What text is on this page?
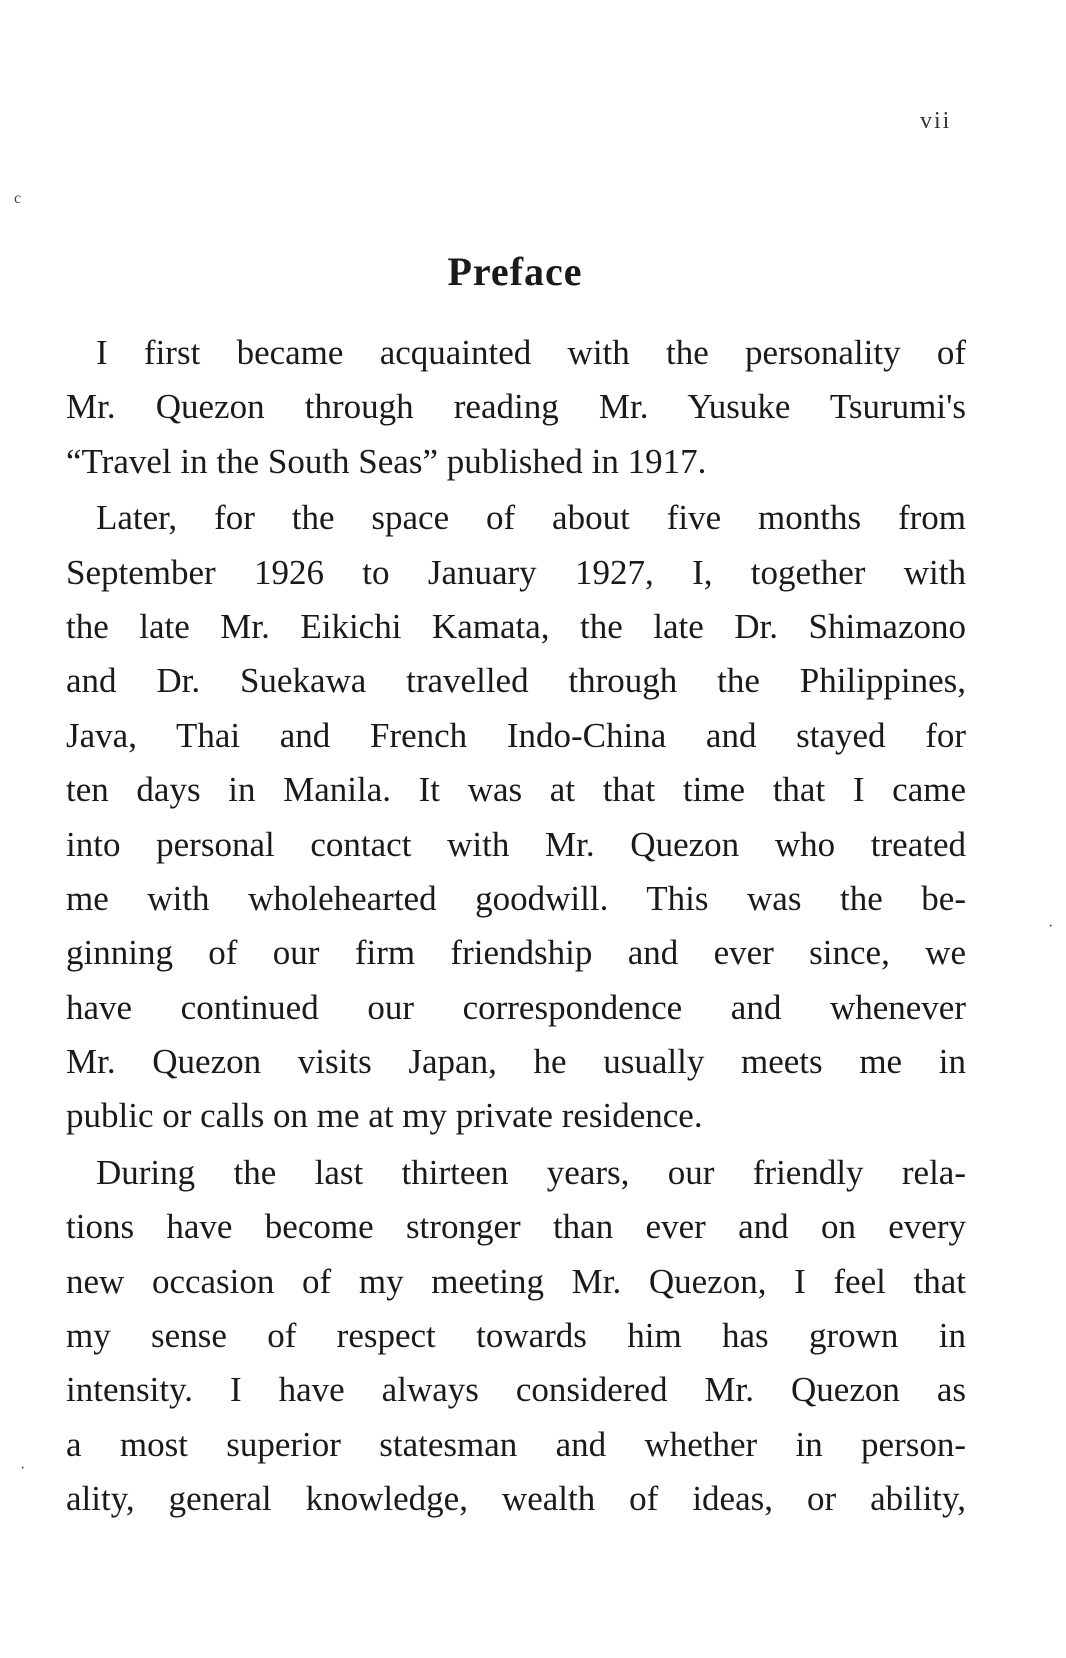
vii
c
·
·
Preface
I first became acquainted with the personality of
Mr. Quezon through reading Mr. Yusuke Tsurumi's
“Travel in the South Seas” published in 1917.
Later, for the space of about five months from
September 1926 to January 1927, I, together with
the late Mr. Eikichi Kamata, the late Dr. Shimazono
and Dr. Suekawa travelled through the Philippines,
Java, Thai and French Indo-China and stayed for
ten days in Manila. It was at that time that I came
into personal contact with Mr. Quezon who treated
me with wholehearted goodwill. This was the be-
ginning of our firm friendship and ever since, we
have continued our correspondence and whenever
Mr. Quezon visits Japan, he usually meets me in
public or calls on me at my private residence.
During the last thirteen years, our friendly rela-
tions have become stronger than ever and on every
new occasion of my meeting Mr. Quezon, I feel that
my sense of respect towards him has grown in
intensity. I have always considered Mr. Quezon as
a most superior statesman and whether in person-
ality, general knowledge, wealth of ideas, or ability,
